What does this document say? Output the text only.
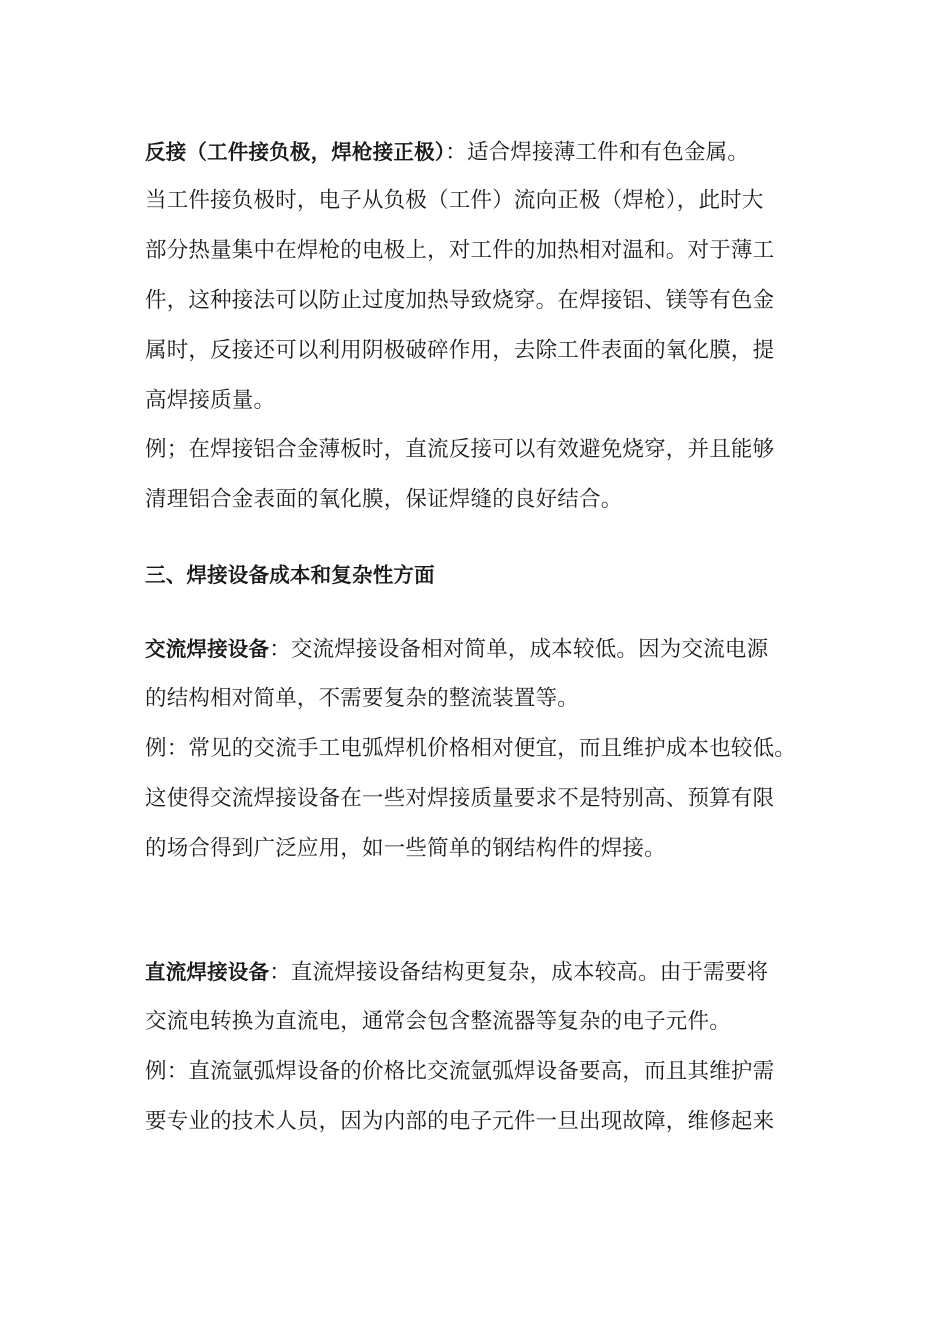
反接（工件接负极，焊枪接正极）：适合焊接薄工件和有色金属。
当工件接负极时，电子从负极（工件）流向正极（焊枪），此时大
部分热量集中在焊枪的电极上，对工件的加热相对温和。对于薄工
件，这种接法可以防止过度加热导致烧穿。在焊接铝、镁等有色金
属时，反接还可以利用阴极破碎作用，去除工件表面的氧化膜，提
高焊接质量。
例；在焊接铝合金薄板时，直流反接可以有效避免烧穿，并且能够
清理铝合金表面的氧化膜，保证焊缝的良好结合。
三、焊接设备成本和复杂性方面
交流焊接设备：交流焊接设备相对简单，成本较低。因为交流电源
的结构相对简单，不需要复杂的整流装置等。
例：常见的交流手工电弧焊机价格相对便宜，而且维护成本也较低。
这使得交流焊接设备在一些对焊接质量要求不是特别高、预算有限
的场合得到广泛应用，如一些简单的钢结构件的焊接。
直流焊接设备：直流焊接设备结构更复杂，成本较高。由于需要将
交流电转换为直流电，通常会包含整流器等复杂的电子元件。
例：直流氩弧焊设备的价格比交流氩弧焊设备要高，而且其维护需
要专业的技术人员，因为内部的电子元件一旦出现故障，维修起来
